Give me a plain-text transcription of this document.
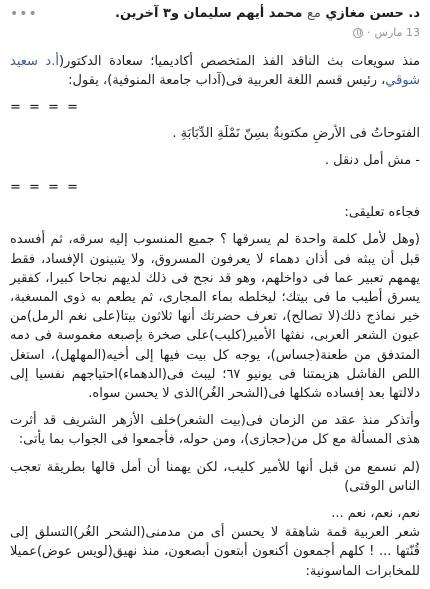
د. حسن مغازي مع محمد أيهم سليمان و٣ آخرين.
13 مارس
·
•••

منذ سويعات بث الناقد الفذ المتخصص أكاديميا؛ سعادة الدكتور(أ.د سعيد شوقي، رئيس قسم اللغة العربية فى(آداب جامعة المنوفية)، يقول:

= = = =

الفتوحاتُ فى الأرضِ مكتوبةٌ بسِنّ نَمْلَةِ الدِّبَابَةِ .

- مش أمل دنقل .

= = = =

فجاءه تعليقى:

(وهل لأمل كلمة واحدة لم يسرقها ؟ جميع المنسوب إليه سرقه، ثم أفسده قبل أن يبثه فى أذان دهماء لا يعرفون المسروق، ولا يتبينون الإفساد، فقط يهمهم تعبير عما فى دواخلهم، وهو قد نجح فى ذلك لديهم نجاحا كبيرا، كفقير يسرق أطيب ما فى بيتك؛ ليخلطه بماء المجارى، ثم يطعم به ذوى المسغبة، خير نماذج ذلك(لا تصالح)، تعرف حضرتك أنها ثلاثون بيتا(على نغم الرمل)من عيون الشعر العربى، نفثها الأمير(كليب)على صخرة بإصبعه مغموسة فى دمه المتدفق من طعنة(جساس)، يوجه كل بيت فيها إلى أخيه(المهلهل)، استغل اللص الفاشل هزيمتنا فى يونيو ٦٧؛ ليبث فى(الدهماء)احتياجهم نفسيا إلى دلالتها بعد إفساده شكلها فى(الشحر الغُر)الذى لا يحسن سواه.

وأتذكر منذ عقد من الزمان فى(بيت الشعر)خلف الأزهر الشريف قد أثرت هذى المسألة مع كل من(حجازى)، ومن حوله، فأجمعوا فى الجواب بما يأتى:

(لم نسمع من قبل أنها للأمير كليب، لكن يهمنا أن أمل قالها بطريقة تعجب الناس الوقتى)

نعم، نعم، نعم ...
شعر العربية قمة شاهقة لا يحسن أى من مدمنى(الشحر الغُر)التسلق إلى قُنّتها ... ! كلهم أجمعون أكنعون أبتعون أبصعون، منذ نهيق(لويس عوض)عميلا للمخابرات الماسونية:
